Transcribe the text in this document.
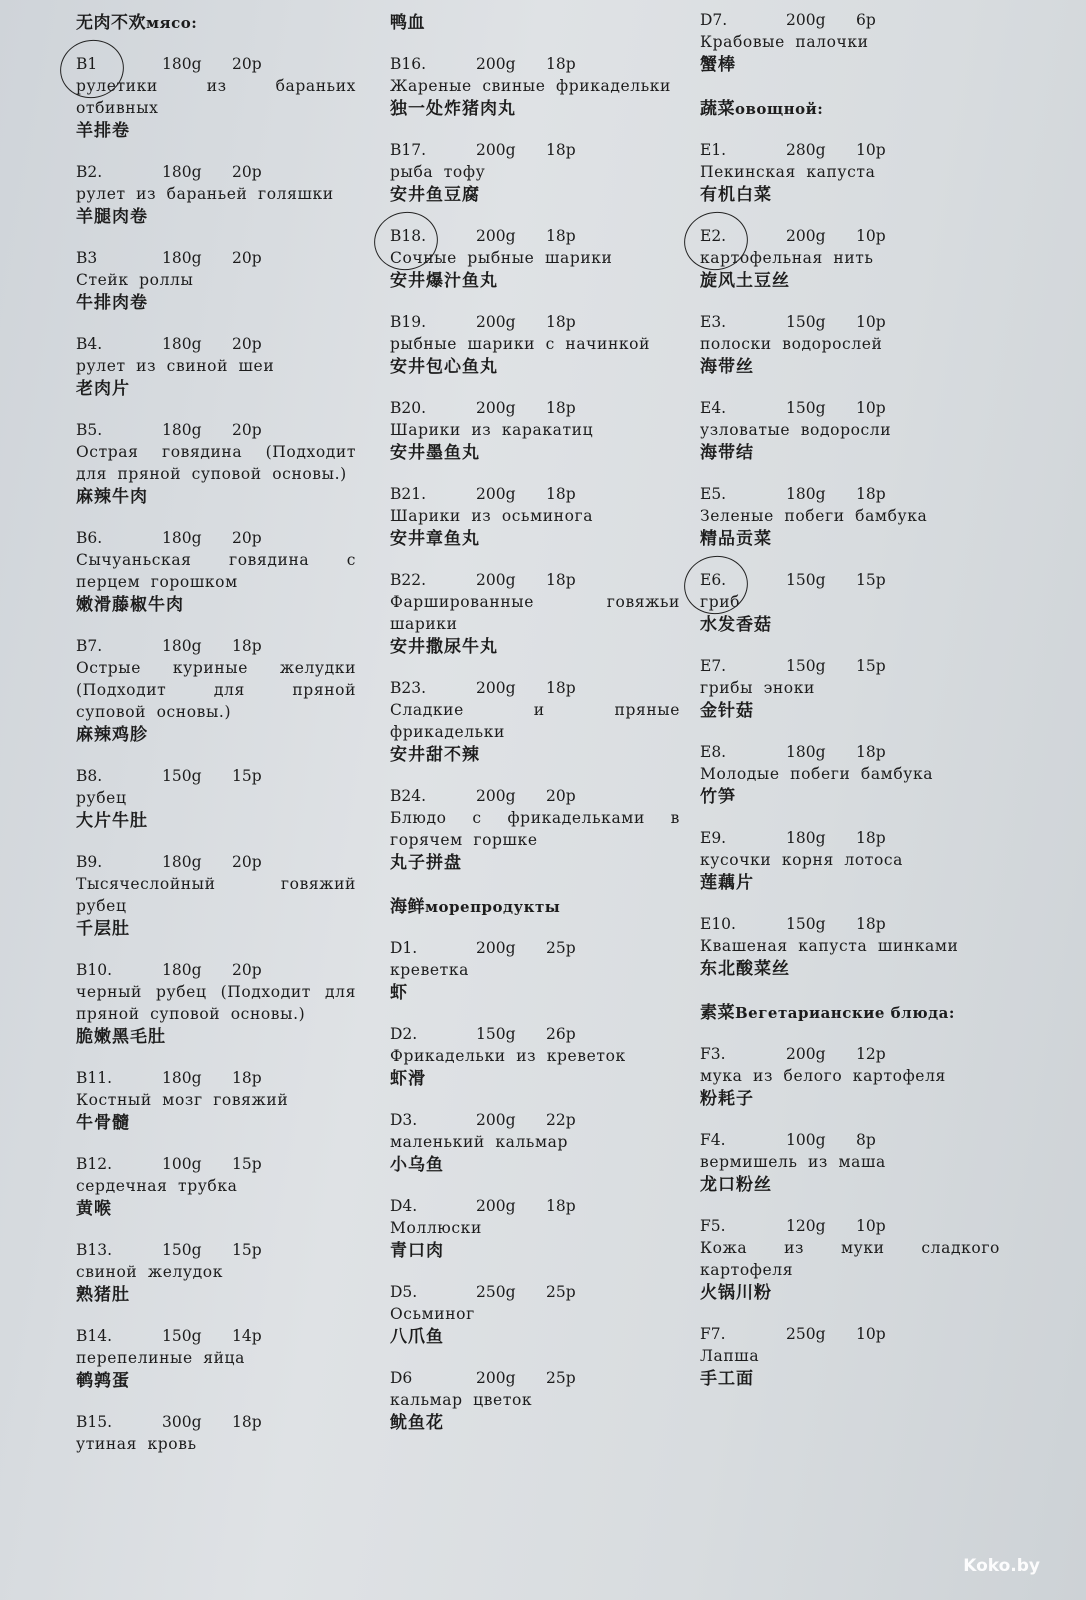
无肉不欢мясо:
B1	180g	20p
рулетики из бараньих отбивных
羊排卷
B2.	180g	20p
рулет из бараньей голяшки
羊腿肉卷
B3	180g	20p
Стейк роллы
牛排肉卷
B4.	180g	20p
рулет из свиной шеи
老肉片
B5.	180g	20p
Острая говядина (Подходит для пряной суповой основы.)
麻辣牛肉
B6.	180g	20p
Сычуаньская говядина с перцем горошком
嫩滑藤椒牛肉
B7.	180g	18p
Острые куриные желудки (Подходит для пряной суповой основы.)
麻辣鸡胗
B8.	150g	15p
рубец
大片牛肚
B9.	180g	20p
Тысячеслойный говяжий рубец
千层肚
B10.	180g	20p
черный рубец (Подходит для пряной суповой основы.)
脆嫩黑毛肚
B11.	180g	18p
Костный мозг говяжий
牛骨髓
B12.	100g	15p
сердечная трубка
黄喉
B13.	150g	15p
свиной желудок
熟猪肚
B14.	150g	14p
перепелиные яйца
鹌鹑蛋
B15.	300g	18p
утиная кровь
鸭血
B16.	200g	18p
Жареные свиные фрикадельки
独一处炸猪肉丸
B17.	200g	18p
рыба тофу
安井鱼豆腐
B18.	200g	18p
Сочные рыбные шарики
安井爆汁鱼丸
B19.	200g	18p
рыбные шарики с начинкой
安井包心鱼丸
B20.	200g	18p
Шарики из каракатиц
安井墨鱼丸
B21.	200g	18p
Шарики из осьминога
安井章鱼丸
B22.	200g	18p
Фаршированные говяжьи шарики
安井撒尿牛丸
B23.	200g	18p
Сладкие и пряные фрикадельки
安井甜不辣
B24.	200g	20p
Блюдо с фрикадельками в горячем горшке
丸子拼盘
海鲜морепродукты
D1.	200g	25p
креветка
虾
D2.	150g	26p
Фрикадельки из креветок
虾滑
D3.	200g	22p
маленький кальмар
小乌鱼
D4.	200g	18p
Моллюски
青口肉
D5.	250g	25p
Осьминог
八爪鱼
D6	200g	25p
кальмар цветок
鱿鱼花
D7.	200g	6p
Крабовые палочки
蟹棒
蔬菜овощной:
E1.	280g	10p
Пекинская капуста
有机白菜
E2.	200g	10p
картофельная нить
旋风土豆丝
E3.	150g	10p
полоски водорослей
海带丝
E4.	150g	10p
узловатые водоросли
海带结
E5.	180g	18p
Зеленые побеги бамбука
精品贡菜
E6.	150g	15p
гриб
水发香菇
E7.	150g	15p
грибы эноки
金针菇
E8.	180g	18p
Молодые побеги бамбука
竹笋
E9.	180g	18p
кусочки корня лотоса
莲藕片
E10.	150g	18p
Квашеная капуста шинками
东北酸菜丝
素菜Вегетарианские блюда:
F3.	200g	12p
мука из белого картофеля
粉耗子
F4.	100g	8p
вермишель из маша
龙口粉丝
F5.	120g	10p
Кожа из муки сладкого картофеля
火锅川粉
F7.	250g	10p
Лапша
手工面
Koko.by
